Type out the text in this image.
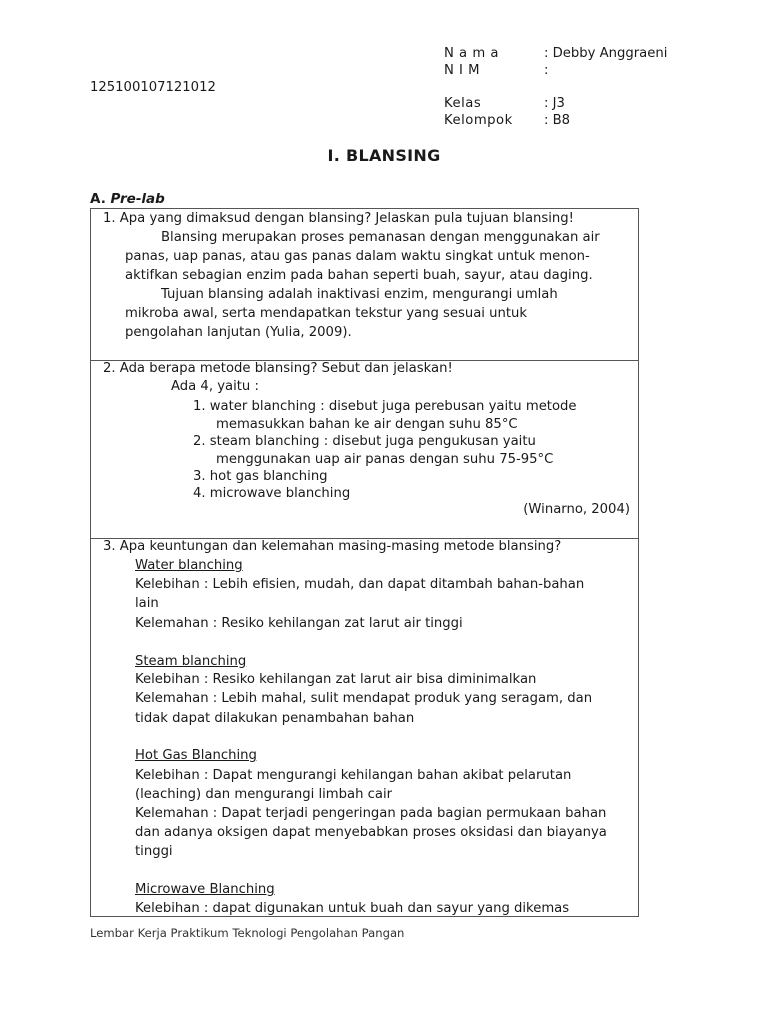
N a m a	: Debby Anggraeni
N I M	:
125100107121012
Kelas	: J3
Kelompok : B8
I. BLANSING
A. Pre-lab
1. Apa yang dimaksud dengan blansing? Jelaskan pula tujuan blansing!
Blansing merupakan proses pemanasan dengan menggunakan air
panas, uap panas, atau gas panas dalam waktu singkat untuk menon-
aktifkan sebagian enzim pada bahan seperti buah, sayur, atau daging.
Tujuan blansing adalah inaktivasi enzim, mengurangi umlah
mikroba awal, serta mendapatkan tekstur yang sesuai untuk
pengolahan lanjutan (Yulia, 2009).
2. Ada berapa metode blansing? Sebut dan jelaskan!
Ada 4, yaitu :
1. water blanching : disebut juga perebusan yaitu metode
memasukkan bahan ke air dengan suhu 85°C
2. steam blanching : disebut juga pengukusan yaitu
menggunakan uap air panas dengan suhu 75-95°C
3. hot gas blanching
4. microwave blanching
(Winarno, 2004)
3. Apa keuntungan dan kelemahan masing-masing metode blansing?
Water blanching
Kelebihan : Lebih efisien, mudah, dan dapat ditambah bahan-bahan
lain
Kelemahan : Resiko kehilangan zat larut air tinggi
Steam blanching
Kelebihan : Resiko kehilangan zat larut air bisa diminimalkan
Kelemahan : Lebih mahal, sulit mendapat produk yang seragam, dan
tidak dapat dilakukan penambahan bahan
Hot Gas Blanching
Kelebihan : Dapat mengurangi kehilangan bahan akibat pelarutan
(leaching) dan mengurangi limbah cair
Kelemahan : Dapat terjadi pengeringan pada bagian permukaan bahan
dan adanya oksigen dapat menyebabkan proses oksidasi dan biayanya
tinggi
Microwave Blanching
Kelebihan : dapat digunakan untuk buah dan sayur yang dikemas
Lembar Kerja Praktikum Teknologi Pengolahan Pangan
